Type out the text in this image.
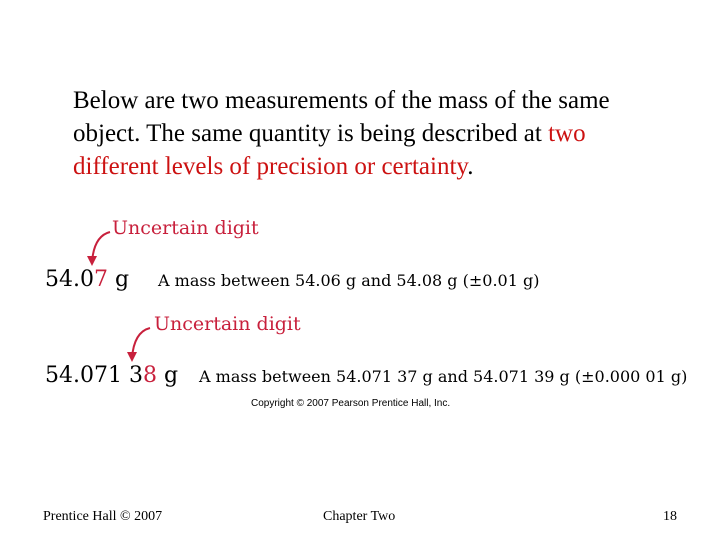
Below are two measurements of the mass of the same object. The same quantity is being described at two different levels of precision or certainty.
Uncertain digit
54.07 g A mass between 54.06 g and 54.08 g (±0.01 g)
Uncertain digit
54.071 38 g A mass between 54.071 37 g and 54.071 39 g (±0.000 01 g)
Copyright © 2007 Pearson Prentice Hall, Inc.
Prentice Hall © 2007	Chapter Two	18
